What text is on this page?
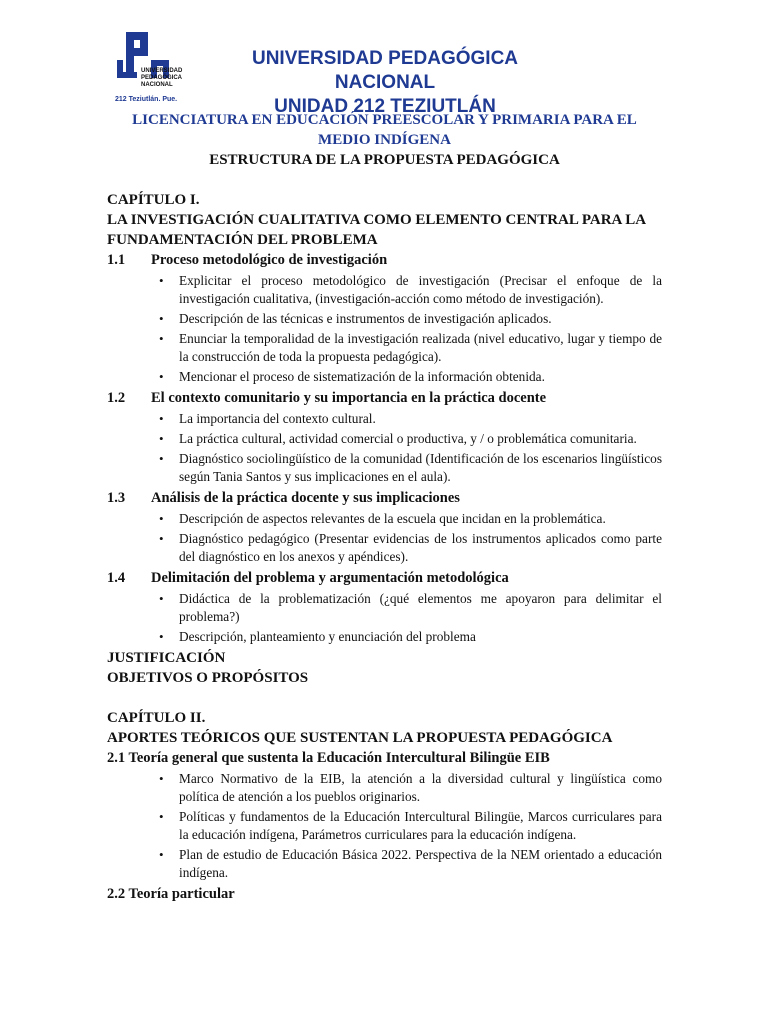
UNIVERSIDAD
PEDAGÓGICA
NACIONAL
212 Teziutlán. Pue.
UNIVERSIDAD PEDAGÓGICA NACIONAL
UNIDAD 212 TEZIUTLÁN
LICENCIATURA EN EDUCACIÓN PREESCOLAR Y PRIMARIA PARA EL MEDIO INDÍGENA
ESTRUCTURA DE LA PROPUESTA PEDAGÓGICA
CAPÍTULO I.
LA INVESTIGACIÓN CUALITATIVA COMO ELEMENTO CENTRAL PARA LA FUNDAMENTACIÓN DEL PROBLEMA
1.1	Proceso metodológico de investigación
• Explicitar el proceso metodológico de investigación (Precisar el enfoque de la investigación cualitativa, (investigación-acción como método de investigación).
• Descripción de las técnicas e instrumentos de investigación aplicados.
• Enunciar la temporalidad de la investigación realizada (nivel educativo, lugar y tiempo de la construcción de toda la propuesta pedagógica).
• Mencionar el proceso de sistematización de la información obtenida.
1.2	El contexto comunitario y su importancia en la práctica docente
• La importancia del contexto cultural.
• La práctica cultural, actividad comercial o productiva, y / o problemática comunitaria.
• Diagnóstico sociolingüístico de la comunidad (Identificación de los escenarios lingüísticos según Tania Santos y sus implicaciones en el aula).
1.3	Análisis de la práctica docente y sus implicaciones
• Descripción de aspectos relevantes de la escuela que incidan en la problemática.
• Diagnóstico pedagógico (Presentar evidencias de los instrumentos aplicados como parte del diagnóstico en los anexos y apéndices).
1.4	Delimitación del problema y argumentación metodológica
• Didáctica de la problematización (¿qué elementos me apoyaron para delimitar el problema?)
• Descripción, planteamiento y enunciación del problema
JUSTIFICACIÓN
OBJETIVOS O PROPÓSITOS
CAPÍTULO II.
APORTES TEÓRICOS QUE SUSTENTAN LA PROPUESTA PEDAGÓGICA
2.1 Teoría general que sustenta la Educación Intercultural Bilingüe EIB
• Marco Normativo de la EIB, la atención a la diversidad cultural y lingüística como política de atención a los pueblos originarios.
• Políticas y fundamentos de la Educación Intercultural Bilingüe, Marcos curriculares para la educación indígena, Parámetros curriculares para la educación indígena.
• Plan de estudio de Educación Básica 2022. Perspectiva de la NEM orientado a educación indígena.
2.2 Teoría particular
